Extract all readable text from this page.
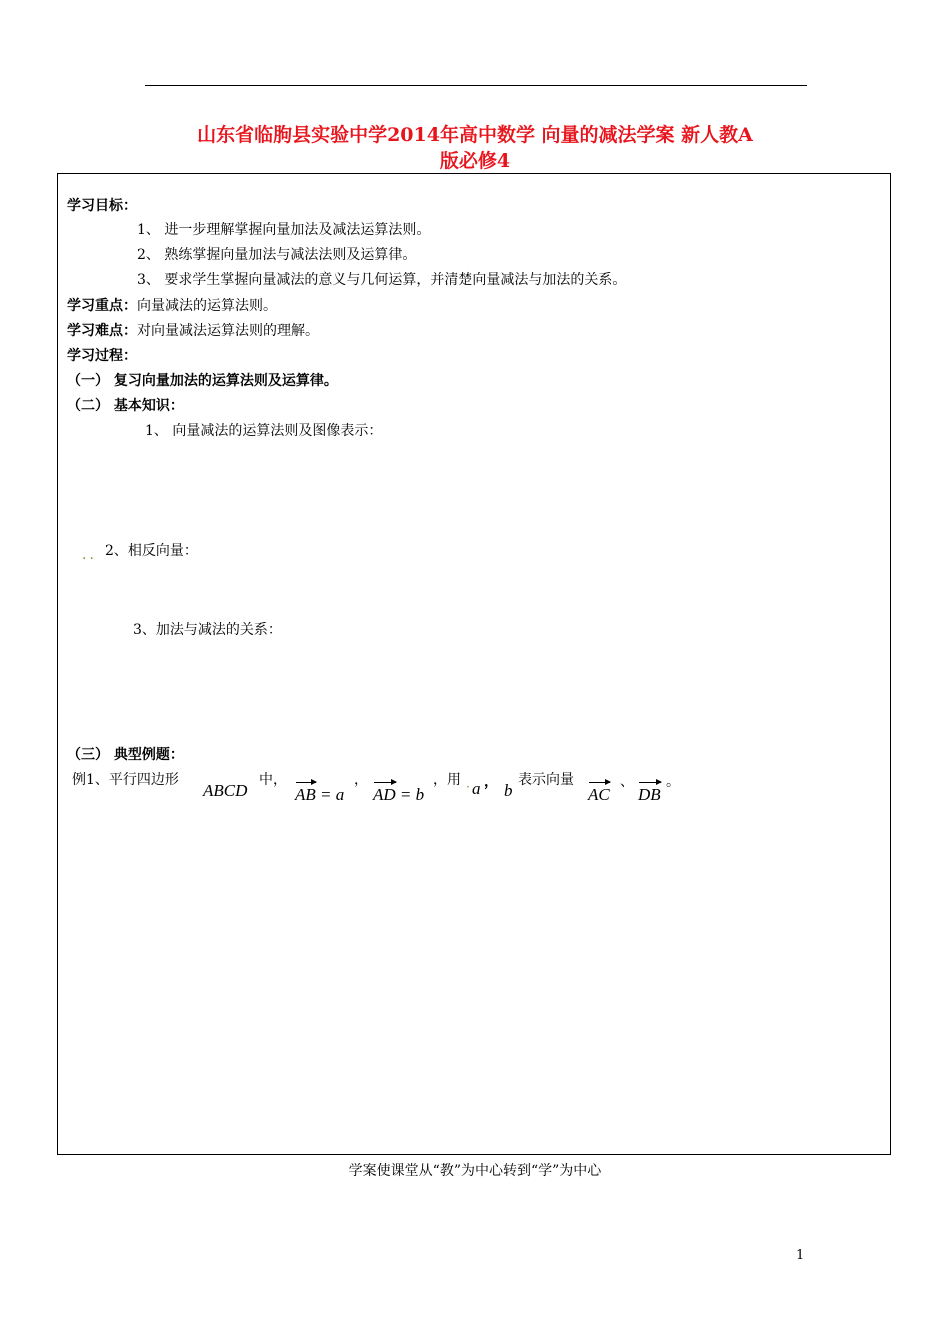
山东省临朐县实验中学2014年高中数学 向量的减法学案 新人教A
版必修4
学习目标：
1、 进一步理解掌握向量加法及减法运算法则。
2、 熟练掌握向量加法与减法法则及运算律。
3、 要求学生掌握向量减法的意义与几何运算，并清楚向量减法与加法的关系。
学习重点：向量减法的运算法则。
学习难点：对向量减法运算法则的理解。
学习过程：
（一） 复习向量加法的运算法则及运算律。
（二） 基本知识：
1、 向量减法的运算法则及图像表示：
·· 2、相反向量：
3、加法与减法的关系：
（三） 典型例题：
例1、平行四边形
ABCD
中，
AB = a
，
AD = b
，用 · a ， b
表示向量
AC
、
DB
。
学案使课堂从“教”为中心转到“学”为中心
1
